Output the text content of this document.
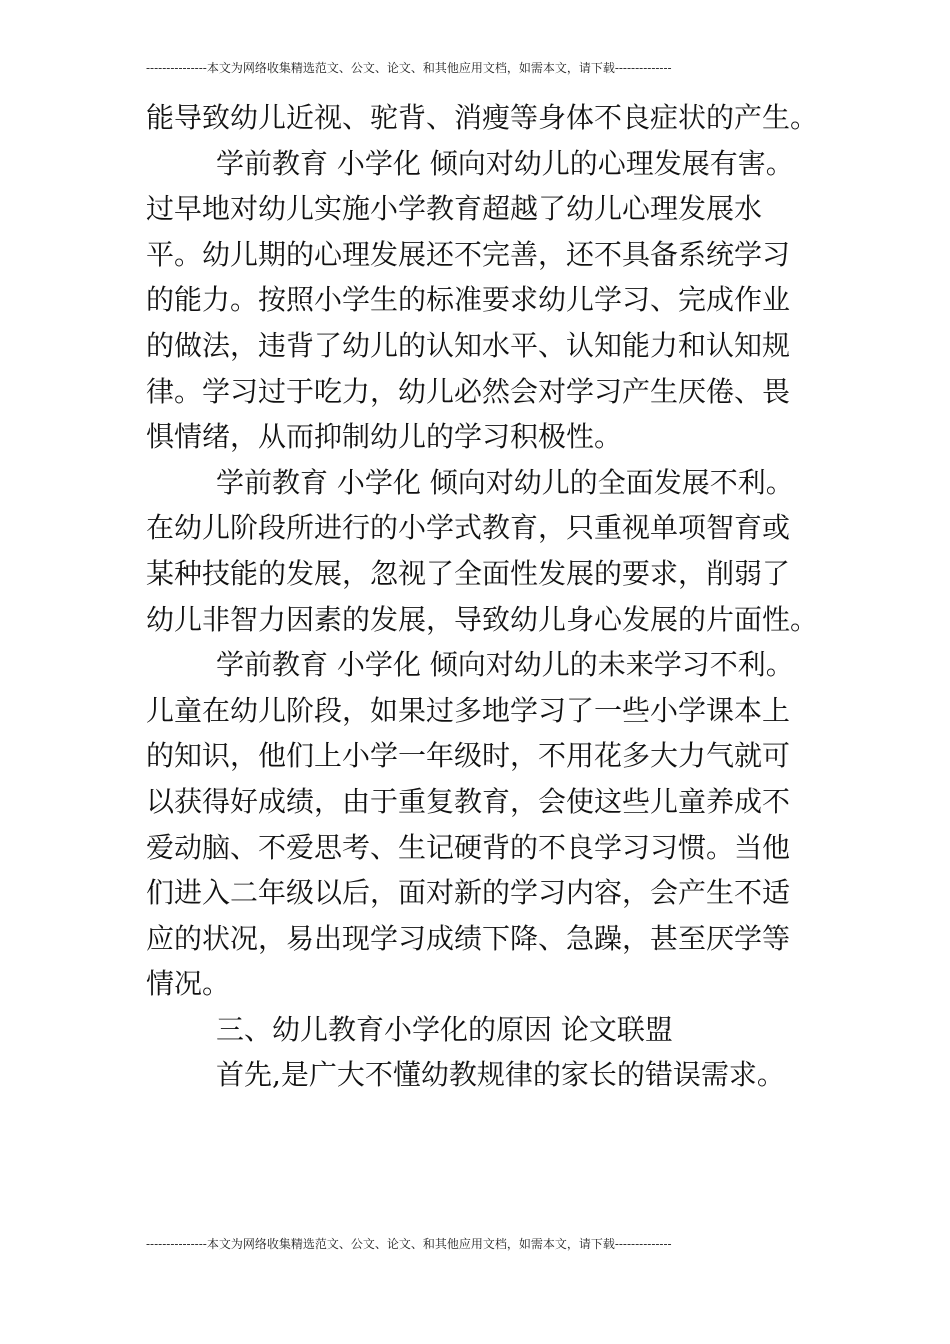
---------------本文为网络收集精选范文、公文、论文、和其他应用文档，如需本文，请下载--------------
能导致幼儿近视、驼背、消瘦等身体不良症状的产生。
学前教育 小学化 倾向对幼儿的心理发展有害。
过早地对幼儿实施小学教育超越了幼儿心理发展水
平。幼儿期的心理发展还不完善，还不具备系统学习
的能力。按照小学生的标准要求幼儿学习、完成作业
的做法，违背了幼儿的认知水平、认知能力和认知规
律。学习过于吃力，幼儿必然会对学习产生厌倦、畏
惧情绪，从而抑制幼儿的学习积极性。
学前教育 小学化 倾向对幼儿的全面发展不利。
在幼儿阶段所进行的小学式教育，只重视单项智育或
某种技能的发展，忽视了全面性发展的要求，削弱了
幼儿非智力因素的发展，导致幼儿身心发展的片面性。
学前教育 小学化 倾向对幼儿的未来学习不利。
儿童在幼儿阶段，如果过多地学习了一些小学课本上
的知识，他们上小学一年级时，不用花多大力气就可
以获得好成绩，由于重复教育，会使这些儿童养成不
爱动脑、不爱思考、生记硬背的不良学习习惯。当他
们进入二年级以后，面对新的学习内容，会产生不适
应的状况，易出现学习成绩下降、急躁，甚至厌学等
情况。
三、幼儿教育小学化的原因 论文联盟
首先,是广大不懂幼教规律的家长的错误需求。
---------------本文为网络收集精选范文、公文、论文、和其他应用文档，如需本文，请下载--------------
